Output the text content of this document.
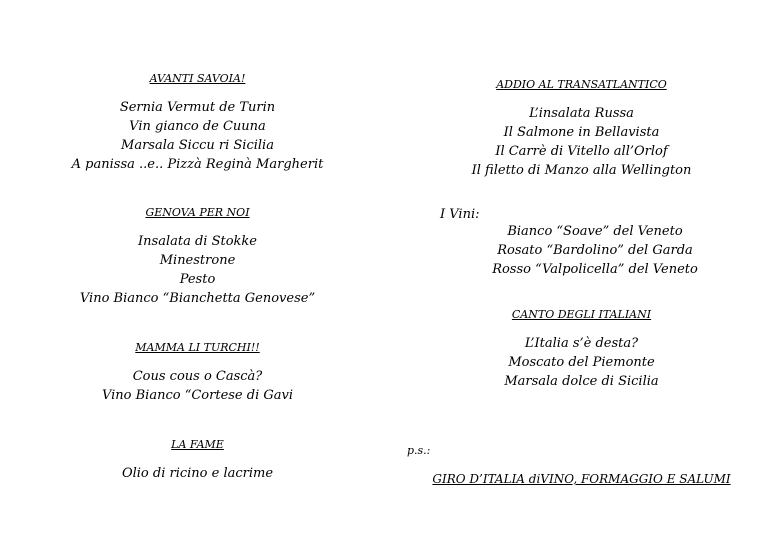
AVANTI SAVOIA!
Sernia Vermut de Turin
Vin gianco de Cuuna
Marsala Siccu ri Sicilia
A panissa ..e.. Pizzà Reginà Margherit
GENOVA PER NOI
Insalata di Stokke
Minestrone
Pesto
Vino Bianco “Bianchetta Genovese”
MAMMA LI TURCHI!!
Cous cous o Cascà?
Vino Bianco “Cortese di Gavi
LA FAME
Olio di ricino e lacrime
ADDIO AL TRANSATLANTICO
L’insalata Russa
Il Salmone in Bellavista
Il Carrè di Vitello all’Orlof
Il filetto di Manzo alla Wellington
I Vini:
Bianco “Soave” del Veneto
Rosato “Bardolino” del Garda
Rosso “Valpolicella” del Veneto
CANTO DEGLI ITALIANI
L’Italia s’è desta?
Moscato del Piemonte
Marsala dolce di Sicilia
p.s.:
GIRO D’ITALIA diVINO, FORMAGGIO E SALUMI
